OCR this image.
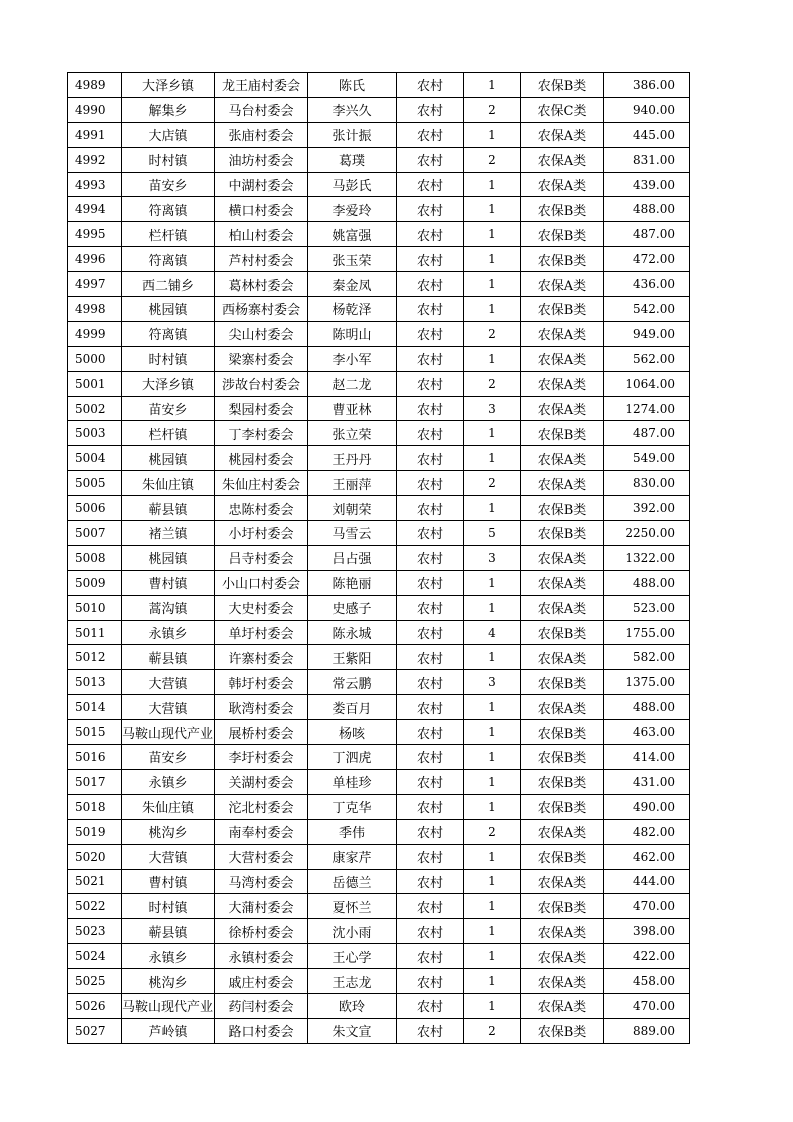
4989	大泽乡镇	龙王庙村委会	陈氏	农村	1	农保B类	386.00
4990	解集乡	马台村委会	李兴久	农村	2	农保C类	940.00
4991	大店镇	张庙村委会	张计振	农村	1	农保A类	445.00
4992	时村镇	油坊村委会	葛璞	农村	2	农保A类	831.00
4993	苗安乡	中湖村委会	马彭氏	农村	1	农保A类	439.00
4994	符离镇	横口村委会	李爱玲	农村	1	农保B类	488.00
4995	栏杆镇	柏山村委会	姚富强	农村	1	农保B类	487.00
4996	符离镇	芦村村委会	张玉荣	农村	1	农保B类	472.00
4997	西二铺乡	葛林村委会	秦金凤	农村	1	农保A类	436.00
4998	桃园镇	西杨寨村委会	杨乾泽	农村	1	农保B类	542.00
4999	符离镇	尖山村委会	陈明山	农村	2	农保A类	949.00
5000	时村镇	梁寨村委会	李小军	农村	1	农保A类	562.00
5001	大泽乡镇	涉故台村委会	赵二龙	农村	2	农保A类	1064.00
5002	苗安乡	梨园村委会	曹亚林	农村	3	农保A类	1274.00
5003	栏杆镇	丁李村委会	张立荣	农村	1	农保B类	487.00
5004	桃园镇	桃园村委会	王丹丹	农村	1	农保A类	549.00
5005	朱仙庄镇	朱仙庄村委会	王丽萍	农村	2	农保A类	830.00
5006	蕲县镇	忠陈村委会	刘朝荣	农村	1	农保B类	392.00
5007	褚兰镇	小圩村委会	马雪云	农村	5	农保B类	2250.00
5008	桃园镇	吕寺村委会	吕占强	农村	3	农保A类	1322.00
5009	曹村镇	小山口村委会	陈艳丽	农村	1	农保A类	488.00
5010	蒿沟镇	大史村委会	史感子	农村	1	农保A类	523.00
5011	永镇乡	单圩村委会	陈永城	农村	4	农保B类	1755.00
5012	蕲县镇	许寨村委会	王紫阳	农村	1	农保A类	582.00
5013	大营镇	韩圩村委会	常云鹏	农村	3	农保B类	1375.00
5014	大营镇	耿湾村委会	娄百月	农村	1	农保A类	488.00
5015	马鞍山现代产业	展桥村委会	杨咳	农村	1	农保B类	463.00
5016	苗安乡	李圩村委会	丁泗虎	农村	1	农保B类	414.00
5017	永镇乡	关湖村委会	单桂珍	农村	1	农保B类	431.00
5018	朱仙庄镇	沱北村委会	丁克华	农村	1	农保B类	490.00
5019	桃沟乡	南奉村委会	季伟	农村	2	农保A类	482.00
5020	大营镇	大营村委会	康家芹	农村	1	农保B类	462.00
5021	曹村镇	马湾村委会	岳德兰	农村	1	农保A类	444.00
5022	时村镇	大蒲村委会	夏怀兰	农村	1	农保B类	470.00
5023	蕲县镇	徐桥村委会	沈小雨	农村	1	农保A类	398.00
5024	永镇乡	永镇村委会	王心学	农村	1	农保A类	422.00
5025	桃沟乡	戚庄村委会	王志龙	农村	1	农保A类	458.00
5026	马鞍山现代产业	药闫村委会	欧玲	农村	1	农保A类	470.00
5027	芦岭镇	路口村委会	朱文宣	农村	2	农保B类	889.00
